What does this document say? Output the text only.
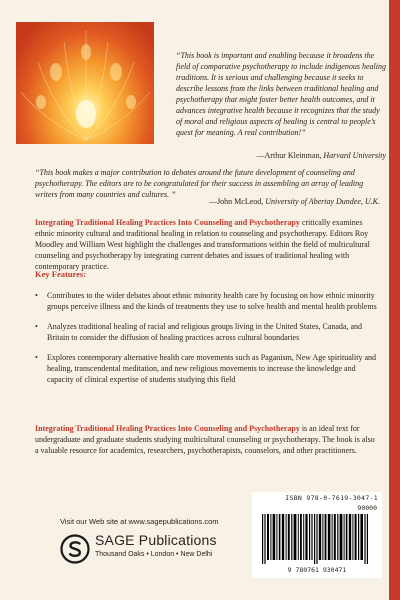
“This book is important and enabling because it broadens the field of comparative psychotherapy to include indigenous healing traditions. It is serious and challenging because it seeks to describe lessons from the links between traditional healing and psychotherapy that might foster better health outcomes, and it advances integrative health because it recognizes that the study of moral and religious aspects of healing is central to people’s quest for meaning. A real contribution!”

—Arthur Kleinman, Harvard University

“This book makes a major contribution to debates around the future development of counseling and psychotherapy. The editors are to be congratulated for their success in assembling an array of leading writers from many countries and cultures. ”

—John McLeod, University of Abertay Dundee, U.K.

Integrating Traditional Healing Practices Into Counseling and Psychotherapy critically examines ethnic minority cultural and traditional healing in relation to counseling and psychotherapy. Editors Roy Moodley and William West highlight the challenges and transformations within the field of multicultural counseling and psychotherapy by integrating current debates and issues of traditional healing with contemporary practice.

Key Features:

• Contributes to the wider debates about ethnic minority health care by focusing on how ethnic minority groups perceive illness and the kinds of treatments they use to solve health and mental health problems
• Analyzes traditional healing of racial and religious groups living in the United States, Canada, and Britain to consider the diffusion of healing practices across cultural boundaries
• Explores contemporary alternative health care movements such as Paganism, New Age spirituality and healing, transcendental meditation, and new religious movements to increase the knowledge and capacity of clinical expertise of students studying this field

Integrating Traditional Healing Practices Into Counseling and Psychotherapy is an ideal text for undergraduate and graduate students studying multicultural counseling or psychotherapy. The book is also a valuable resource for academics, researchers, psychotherapists, counselors, and other practitioners.

ISBN 978-0-7619-3047-1
90000
9 780761 930471

Visit our Web site at www.sagepublications.com

SAGE Publications
Thousand Oaks • London • New Delhi
